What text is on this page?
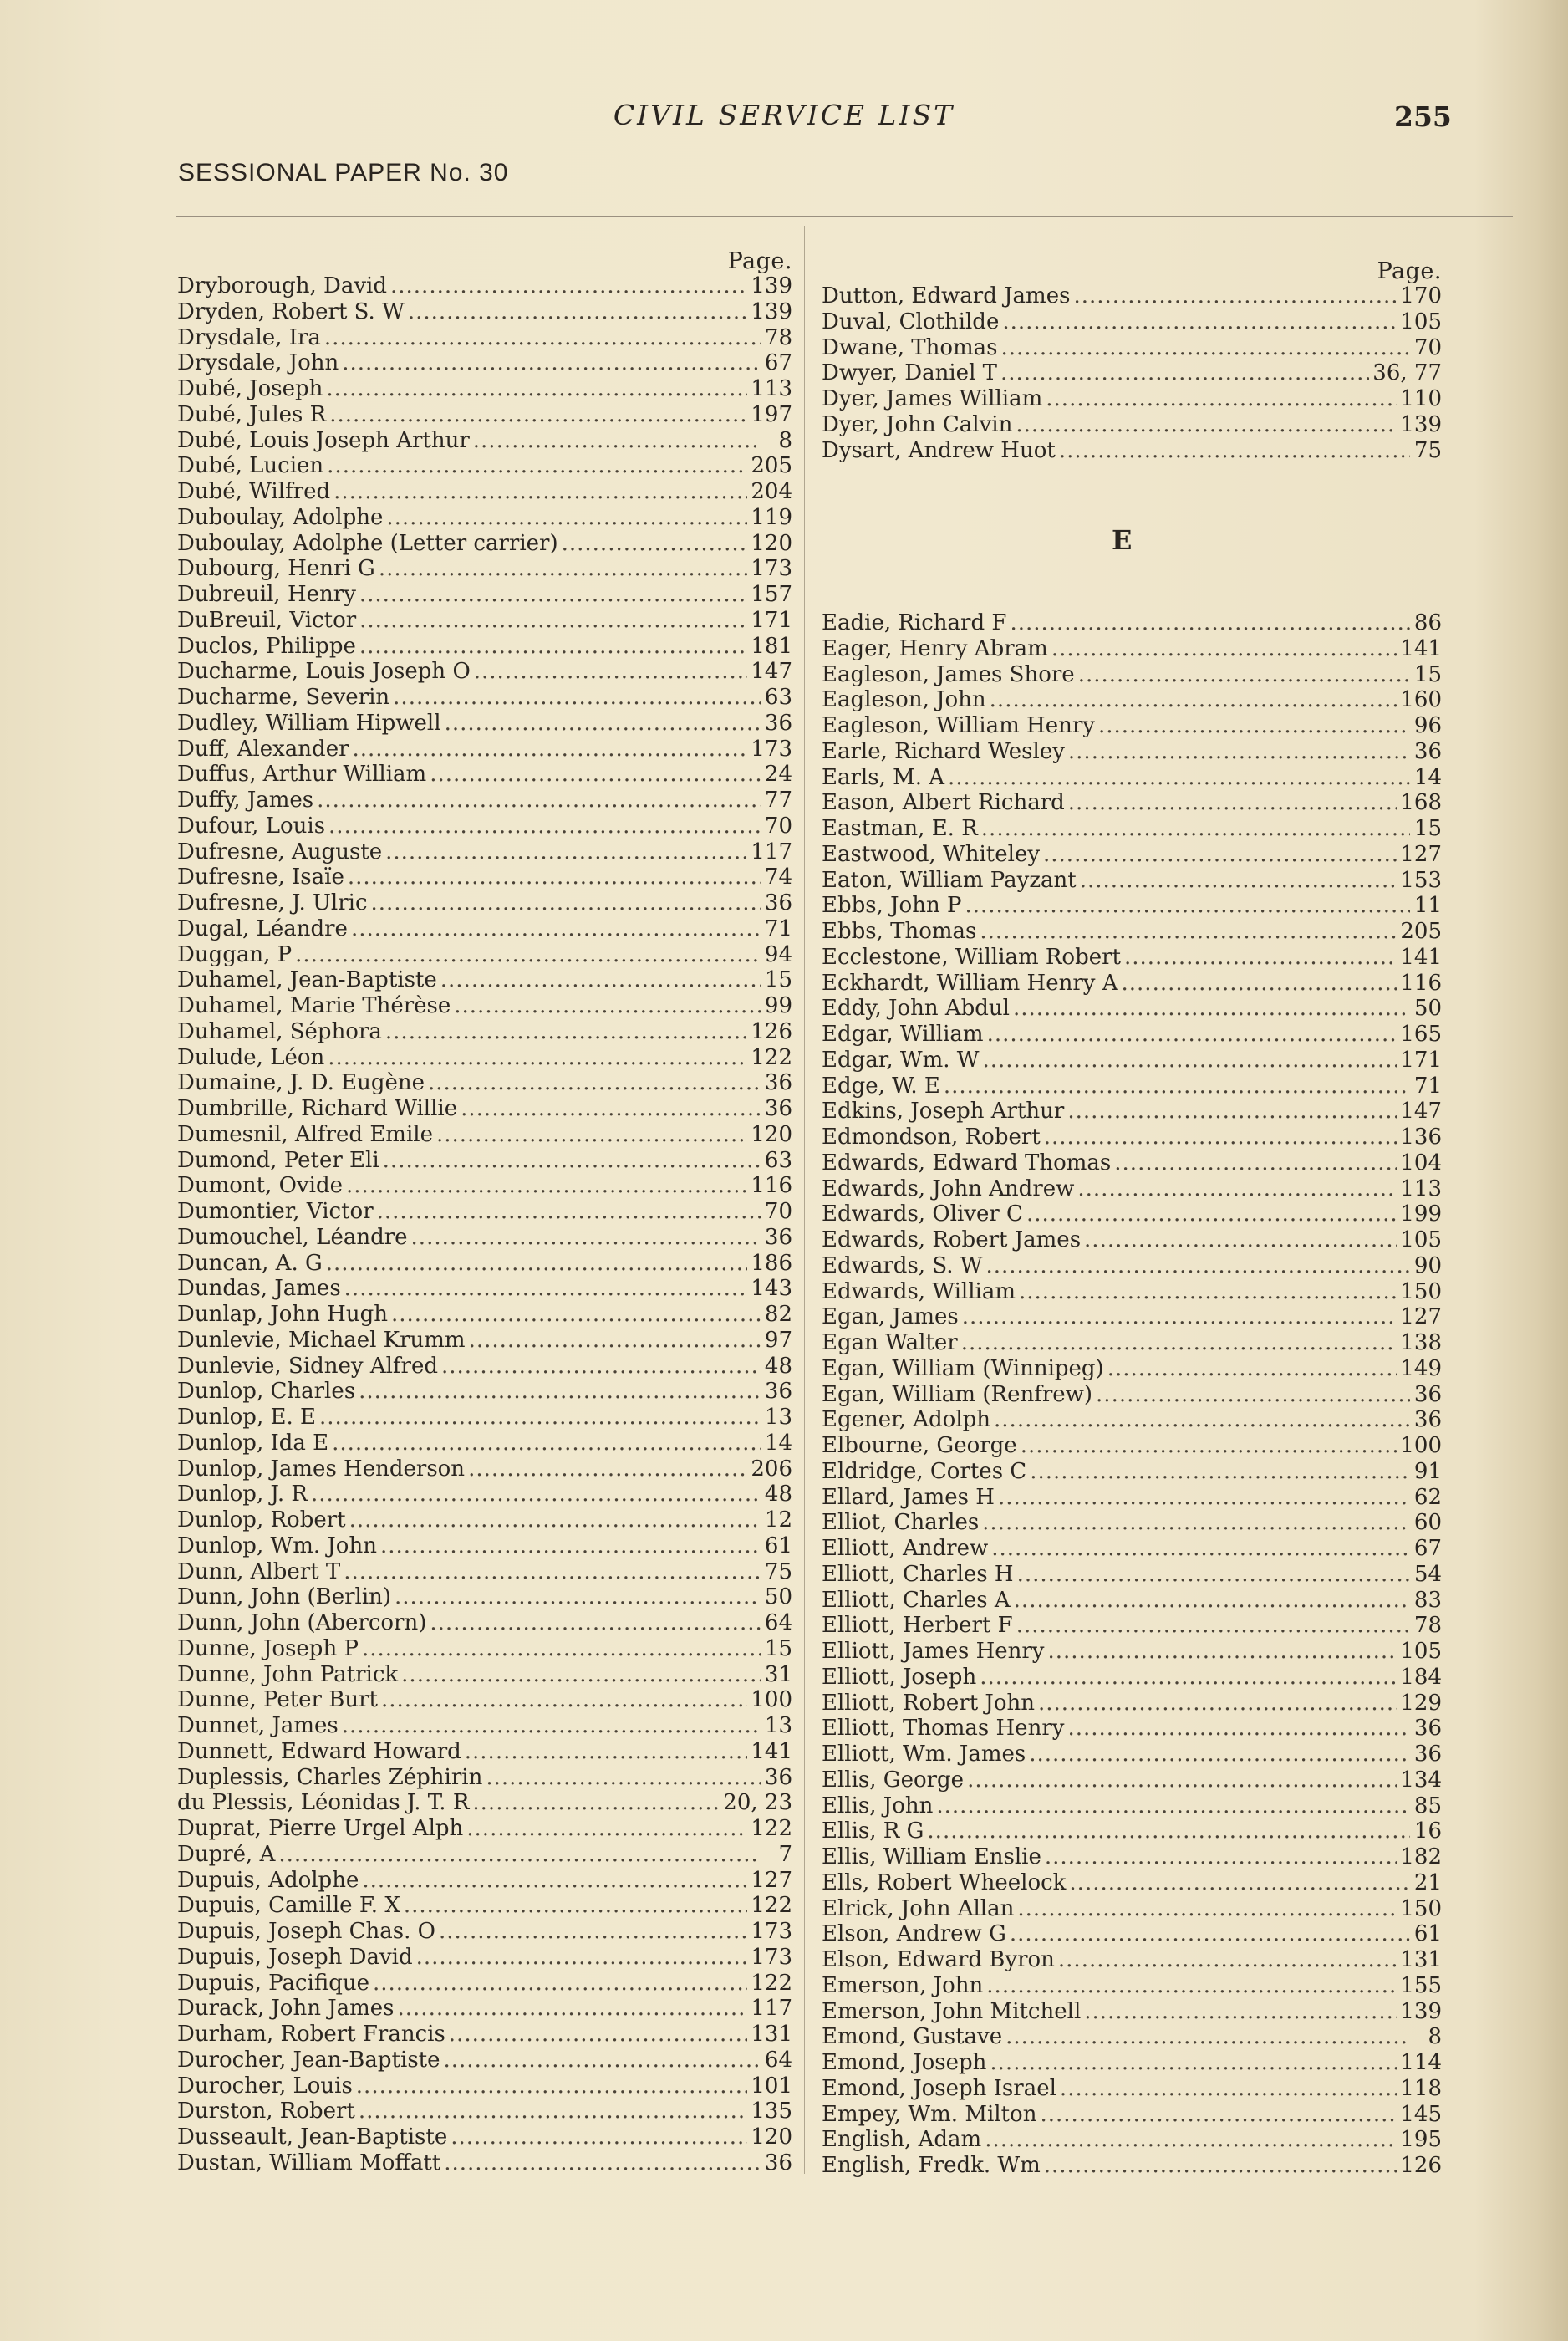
CIVIL SERVICE LIST	255
SESSIONAL PAPER No. 30
Page.
Dryborough, David .....	139
Dryden, Robert S. W .....	139
Drysdale, Ira .....	78
Drysdale, John .....	67
Dubé, Joseph .....	113
Dubé, Jules R .....	197
Dubé, Louis Joseph Arthur .....	8
Dubé, Lucien .....	205
Dubé, Wilfred .....	204
Duboulay, Adolphe .....	119
Duboulay, Adolphe (Letter carrier) .....	120
Dubourg, Henri G .....	173
Dubreuil, Henry .....	157
DuBreuil, Victor .....	171
Duclos, Philippe .....	181
Ducharme, Louis Joseph O .....	147
Ducharme, Severin .....	63
Dudley, William Hipwell .....	36
Duff, Alexander .....	173
Duffus, Arthur William .....	24
Duffy, James .....	77
Dufour, Louis .....	70
Dufresne, Auguste .....	117
Dufresne, Isaïe .....	74
Dufresne, J. Ulric .....	36
Dugal, Léandre .....	71
Duggan, P .....	94
Duhamel, Jean-Baptiste .....	15
Duhamel, Marie Thérèse .....	99
Duhamel, Séphora .....	126
Dulude, Léon .....	122
Dumaine, J. D. Eugène .....	36
Dumbrille, Richard Willie .....	36
Dumesnil, Alfred Emile .....	120
Dumond, Peter Eli .....	63
Dumont, Ovide .....	116
Dumontier, Victor .....	70
Dumouchel, Léandre .....	36
Duncan, A. G .....	186
Dundas, James .....	143
Dunlap, John Hugh .....	82
Dunlevie, Michael Krumm .....	97
Dunlevie, Sidney Alfred .....	48
Dunlop, Charles .....	36
Dunlop, E. E .....	13
Dunlop, Ida E .....	14
Dunlop, James Henderson .....	206
Dunlop, J. R .....	48
Dunlop, Robert .....	12
Dunlop, Wm. John .....	61
Dunn, Albert T .....	75
Dunn, John (Berlin) .....	50
Dunn, John (Abercorn) .....	64
Dunne, Joseph P .....	15
Dunne, John Patrick .....	31
Dunne, Peter Burt .....	100
Dunnet, James .....	13
Dunnett, Edward Howard .....	141
Duplessis, Charles Zéphirin .....	36
du Plessis, Léonidas J. T. R .....	20, 23
Duprat, Pierre Urgel Alph .....	122
Dupré, A .....	7
Dupuis, Adolphe .....	127
Dupuis, Camille F. X .....	122
Dupuis, Joseph Chas. O .....	173
Dupuis, Joseph David .....	173
Dupuis, Pacifique .....	122
Durack, John James .....	117
Durham, Robert Francis .....	131
Durocher, Jean-Baptiste .....	64
Durocher, Louis .....	101
Durston, Robert .....	135
Dusseault, Jean-Baptiste .....	120
Dustan, William Moffatt .....	36
Page.
Dutton, Edward James .....	170
Duval, Clothilde .....	105
Dwane, Thomas .....	70
Dwyer, Daniel T .....	36, 77
Dyer, James William .....	110
Dyer, John Calvin .....	139
Dysart, Andrew Huot .....	75
E
Eadie, Richard F .....	86
Eager, Henry Abram .....	141
Eagleson, James Shore .....	15
Eagleson, John .....	160
Eagleson, William Henry .....	96
Earle, Richard Wesley .....	36
Earls, M. A .....	14
Eason, Albert Richard .....	168
Eastman, E. R .....	15
Eastwood, Whiteley .....	127
Eaton, William Payzant .....	153
Ebbs, John P .....	11
Ebbs, Thomas .....	205
Ecclestone, William Robert .....	141
Eckhardt, William Henry A .....	116
Eddy, John Abdul .....	50
Edgar, William .....	165
Edgar, Wm. W .....	171
Edge, W. E .....	71
Edkins, Joseph Arthur .....	147
Edmondson, Robert .....	136
Edwards, Edward Thomas .....	104
Edwards, John Andrew .....	113
Edwards, Oliver C .....	199
Edwards, Robert James .....	105
Edwards, S. W .....	90
Edwards, William .....	150
Egan, James .....	127
Egan Walter .....	138
Egan, William (Winnipeg) .....	149
Egan, William (Renfrew) .....	36
Egener, Adolph .....	36
Elbourne, George .....	100
Eldridge, Cortes C .....	91
Ellard, James H .....	62
Elliot, Charles .....	60
Elliott, Andrew .....	67
Elliott, Charles H .....	54
Elliott, Charles A .....	83
Elliott, Herbert F .....	78
Elliott, James Henry .....	105
Elliott, Joseph .....	184
Elliott, Robert John .....	129
Elliott, Thomas Henry .....	36
Elliott, Wm. James .....	36
Ellis, George .....	134
Ellis, John .....	85
Ellis, R G .....	16
Ellis, William Enslie .....	182
Ells, Robert Wheelock .....	21
Elrick, John Allan .....	150
Elson, Andrew G .....	61
Elson, Edward Byron .....	131
Emerson, John .....	155
Emerson, John Mitchell .....	139
Emond, Gustave .....	8
Emond, Joseph .....	114
Emond, Joseph Israel .....	118
Empey, Wm. Milton .....	145
English, Adam .....	195
English, Fredk. Wm .....	126
